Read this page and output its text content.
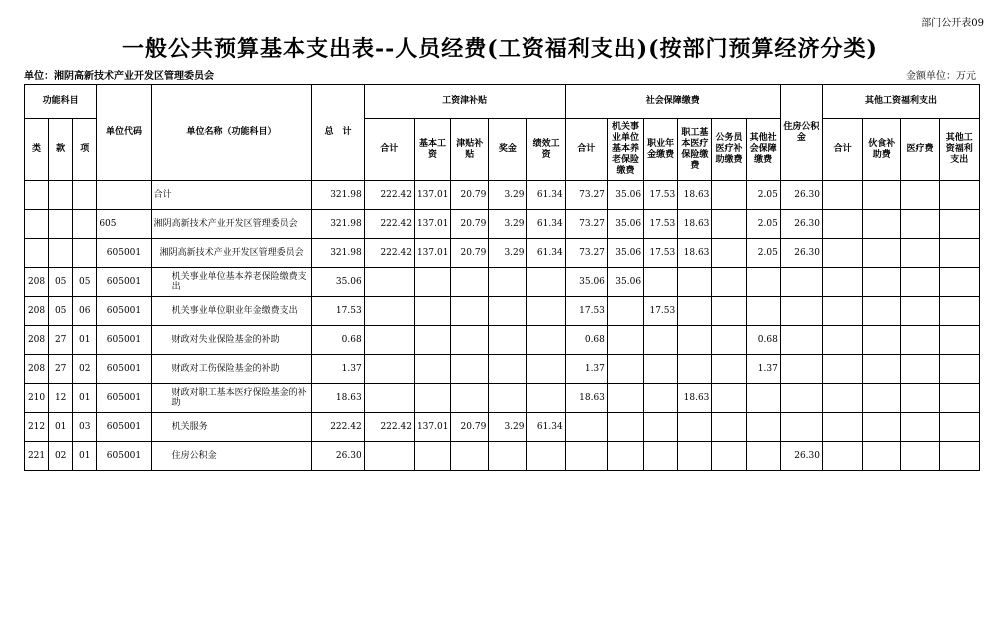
部门公开表09
一般公共预算基本支出表--人员经费(工资福利支出)(按部门预算经济分类)
单位：湘阴高新技术产业开发区管理委员会	金额单位：万元
功能科目			单位代码	单位名称（功能科目）	总　计	工资津补贴					社会保障缴费						住房公积金	其他工资福利支出			
类	款	项				合计	基本工资	津贴补贴	奖金	绩效工资	合计	机关事业单位基本养老保险缴费	职业年金缴费	职工基本医疗保险缴费	公务员医疗补助缴费	其他社会保障缴费		合计	伙食补助费	医疗费	其他工资福利支出
				合计	321.98	222.42	137.01	20.79	3.29	61.34	73.27	35.06	17.53	18.63		2.05	26.30				
			605	湘阴高新技术产业开发区管理委员会	321.98	222.42	137.01	20.79	3.29	61.34	73.27	35.06	17.53	18.63		2.05	26.30				
			605001	湘阴高新技术产业开发区管理委员会	321.98	222.42	137.01	20.79	3.29	61.34	73.27	35.06	17.53	18.63		2.05	26.30				
208	05	05	605001	机关事业单位基本养老保险缴费支出	35.06						35.06	35.06									
208	05	06	605001	机关事业单位职业年金缴费支出	17.53						17.53		17.53								
208	27	01	605001	财政对失业保险基金的补助	0.68						0.68					0.68					
208	27	02	605001	财政对工伤保险基金的补助	1.37						1.37					1.37					
210	12	01	605001	财政对职工基本医疗保险基金的补助	18.63						18.63			18.63							
212	01	03	605001	机关服务	222.42	222.42	137.01	20.79	3.29	61.34											
221	02	01	605001	住房公积金	26.30												26.30				
